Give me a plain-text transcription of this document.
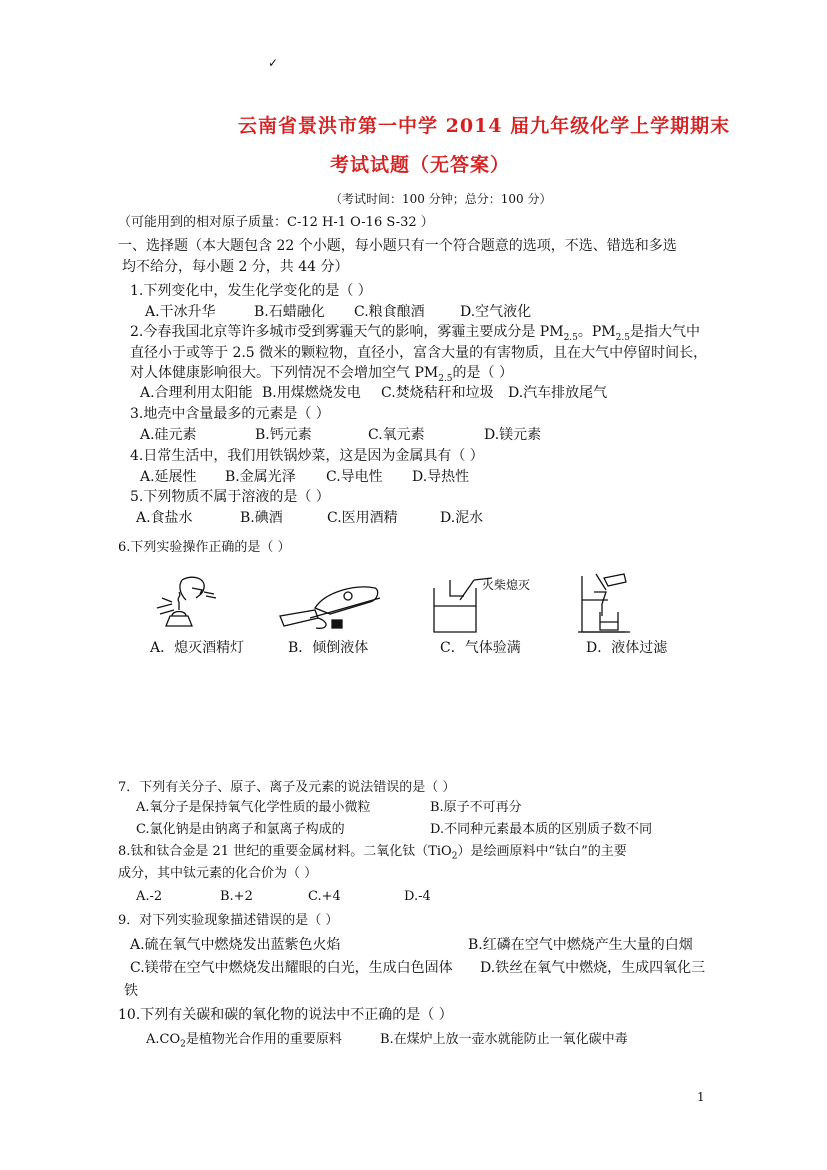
✓
云南省景洪市第一中学 2014 届九年级化学上学期期末
考试试题（无答案）
（考试时间：100 分钟；总分：100 分）
（可能用到的相对原子质量：C-12 H-1 O-16 S-32 ）
一、选择题（本大题包含 22 个小题，每小题只有一个符合题意的选项，不选、错选和多选
均不给分，每小题 2 分，共 44 分）
1.下列变化中，发生化学变化的是（ ）
A.干冰升华	B.石蜡融化 C.粮食酿酒	D.空气液化
2.今春我国北京等许多城市受到雾霾天气的影响，雾霾主要成分是 $PM_{2.5}$。$PM_{2.5}$是指大气中
直径小于或等于 2.5 微米的颗粒物，直径小，富含大量的有害物质，且在大气中停留时间长，
对人体健康影响很大。下列情况不会增加空气 $PM_{2.5}$的是（ ）
A.合理利用太阳能 B.用煤燃烧发电 C.焚烧秸秆和垃圾 D.汽车排放尾气
3.地壳中含量最多的元素是（ ）
A.硅元素	B.钙元素	C.氧元素	D.镁元素
4.日常生活中，我们用铁锅炒菜，这是因为金属具有（ ）
A.延展性 B.金属光泽 C.导电性 D.导热性
5.下列物质不属于溶液的是（ ）
A.食盐水	B.碘酒	C.医用酒精	D.泥水
6.下列实验操作正确的是（ ）
火柴熄灭
A．熄灭酒精灯	B．倾倒液体	C．气体验满	D．液体过滤
7．下列有关分子、原子、离子及元素的说法错误的是（ ）
A.氧分子是保持氧气化学性质的最小微粒	B.原子不可再分
C.氯化钠是由钠离子和氯离子构成的	D.不同种元素最本质的区别质子数不同
8.钛和钛合金是 21 世纪的重要金属材料。二氧化钛（TiO$_2$）是绘画原料中“钛白”的主要
成分，其中钛元素的化合价为（ ）
A.-2	B.+2	C.+4	D.-4
9．对下列实验现象描述错误的是（ ）
A.硫在氧气中燃烧发出蓝紫色火焰	B.红磷在空气中燃烧产生大量的白烟
C.镁带在空气中燃烧发出耀眼的白光，生成白色固体 D.铁丝在氧气中燃烧，生成四氧化三
铁
10.下列有关碳和碳的氧化物的说法中不正确的是（ ）
$A.CO_2$是植物光合作用的重要原料	B.在煤炉上放一壶水就能防止一氧化碳中毒
1
